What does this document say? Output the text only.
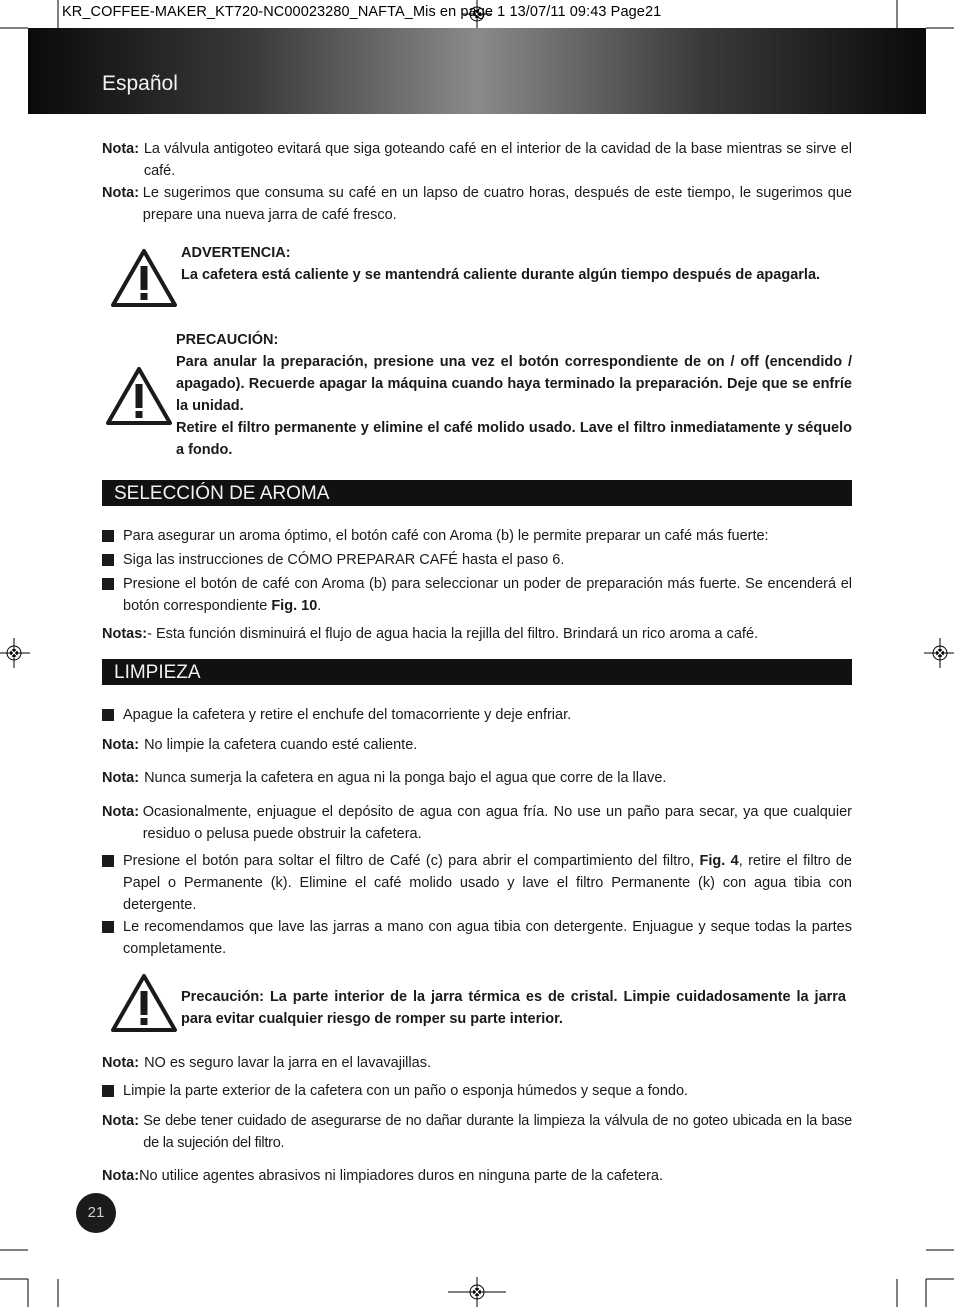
KR_COFFEE-MAKER_KT720-NC00023280_NAFTA_Mis en page 1 13/07/11 09:43 Page21
Español
Nota: La válvula antigoteo evitará que siga goteando café en el interior de la cavidad de la base mientras se sirve el café.
Nota: Le sugerimos que consuma su café en un lapso de cuatro horas, después de este tiempo, le sugerimos que prepare una nueva jarra de café fresco.
ADVERTENCIA:
La cafetera está caliente y se mantendrá caliente durante algún tiempo después de apagarla.
PRECAUCIÓN:
Para anular la preparación, presione una vez el botón correspondiente de on / off (encendido / apagado). Recuerde apagar la máquina cuando haya terminado la preparación. Deje que se enfríe la unidad.
Retire el filtro permanente y elimine el café molido usado. Lave el filtro inmediatamente y séquelo a fondo.
SELECCIÓN DE AROMA
Para asegurar un aroma óptimo, el botón café con Aroma (b) le permite preparar un café más fuerte:
Siga las instrucciones de CÓMO PREPARAR CAFÉ hasta el paso 6.
Presione el botón de café con Aroma (b) para seleccionar un poder de preparación más fuerte. Se encenderá el botón correspondiente Fig. 10.
Notas: - Esta función disminuirá el flujo de agua hacia la rejilla del filtro. Brindará un rico aroma a café.
LIMPIEZA
Apague la cafetera y retire el enchufe del tomacorriente y deje enfriar.
Nota: No limpie la cafetera cuando esté caliente.
Nota: Nunca sumerja la cafetera en agua ni la ponga bajo el agua que corre de la llave.
Nota: Ocasionalmente, enjuague el depósito de agua con agua fría. No use un paño para secar, ya que cualquier residuo o pelusa puede obstruir la cafetera.
Presione el botón para soltar el filtro de Café (c) para abrir el compartimiento del filtro, Fig. 4, retire el filtro de Papel o Permanente (k). Elimine el café molido usado y lave el filtro Permanente (k) con agua tibia con detergente.
Le recomendamos que lave las jarras a mano con agua tibia con detergente. Enjuague y seque todas la partes completamente.
Precaución: La parte interior de la jarra térmica es de cristal. Limpie cuidadosamente la jarra para evitar cualquier riesgo de romper su parte interior.
Nota: NO es seguro lavar la jarra en el lavavajillas.
Limpie la parte exterior de la cafetera con un paño o esponja húmedos y seque a fondo.
Nota: Se debe tener cuidado de asegurarse de no dañar durante la limpieza la válvula de no goteo ubicada en la base de la sujeción del filtro.
Nota: No utilice agentes abrasivos ni limpiadores duros en ninguna parte de la cafetera.
21
